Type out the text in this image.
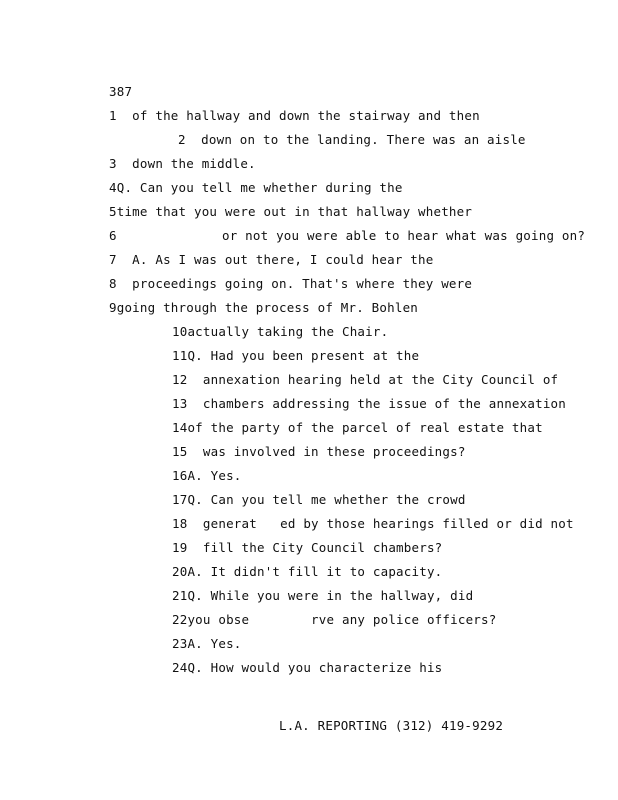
387
1  of the hallway and down the stairway and then
2  down on to the landing. There was an aisle
3  down the middle.
4Q. Can you tell me whether during the
5time that you were out in that hallway whether
6	or not you were able to hear what was going on?
7  A. As I was out there, I could hear the
8  proceedings going on. That's where they were
9going through the process of Mr. Bohlen
10actually taking the Chair.
11Q. Had you been present at the
12  annexation hearing held at the City Council of
13  chambers addressing the issue of the annexation
14of the party of the parcel of real estate that
15  was involved in these proceedings?
16A. Yes.
17Q. Can you tell me whether the crowd
18  generat   ed by those hearings filled or did not
19  fill the City Council chambers?
20A. It didn't fill it to capacity.
21Q. While you were in the hallway, did
22you obse        rve any police officers?
23A. Yes.
24Q. How would you characterize his
L.A. REPORTING (312) 419-9292
